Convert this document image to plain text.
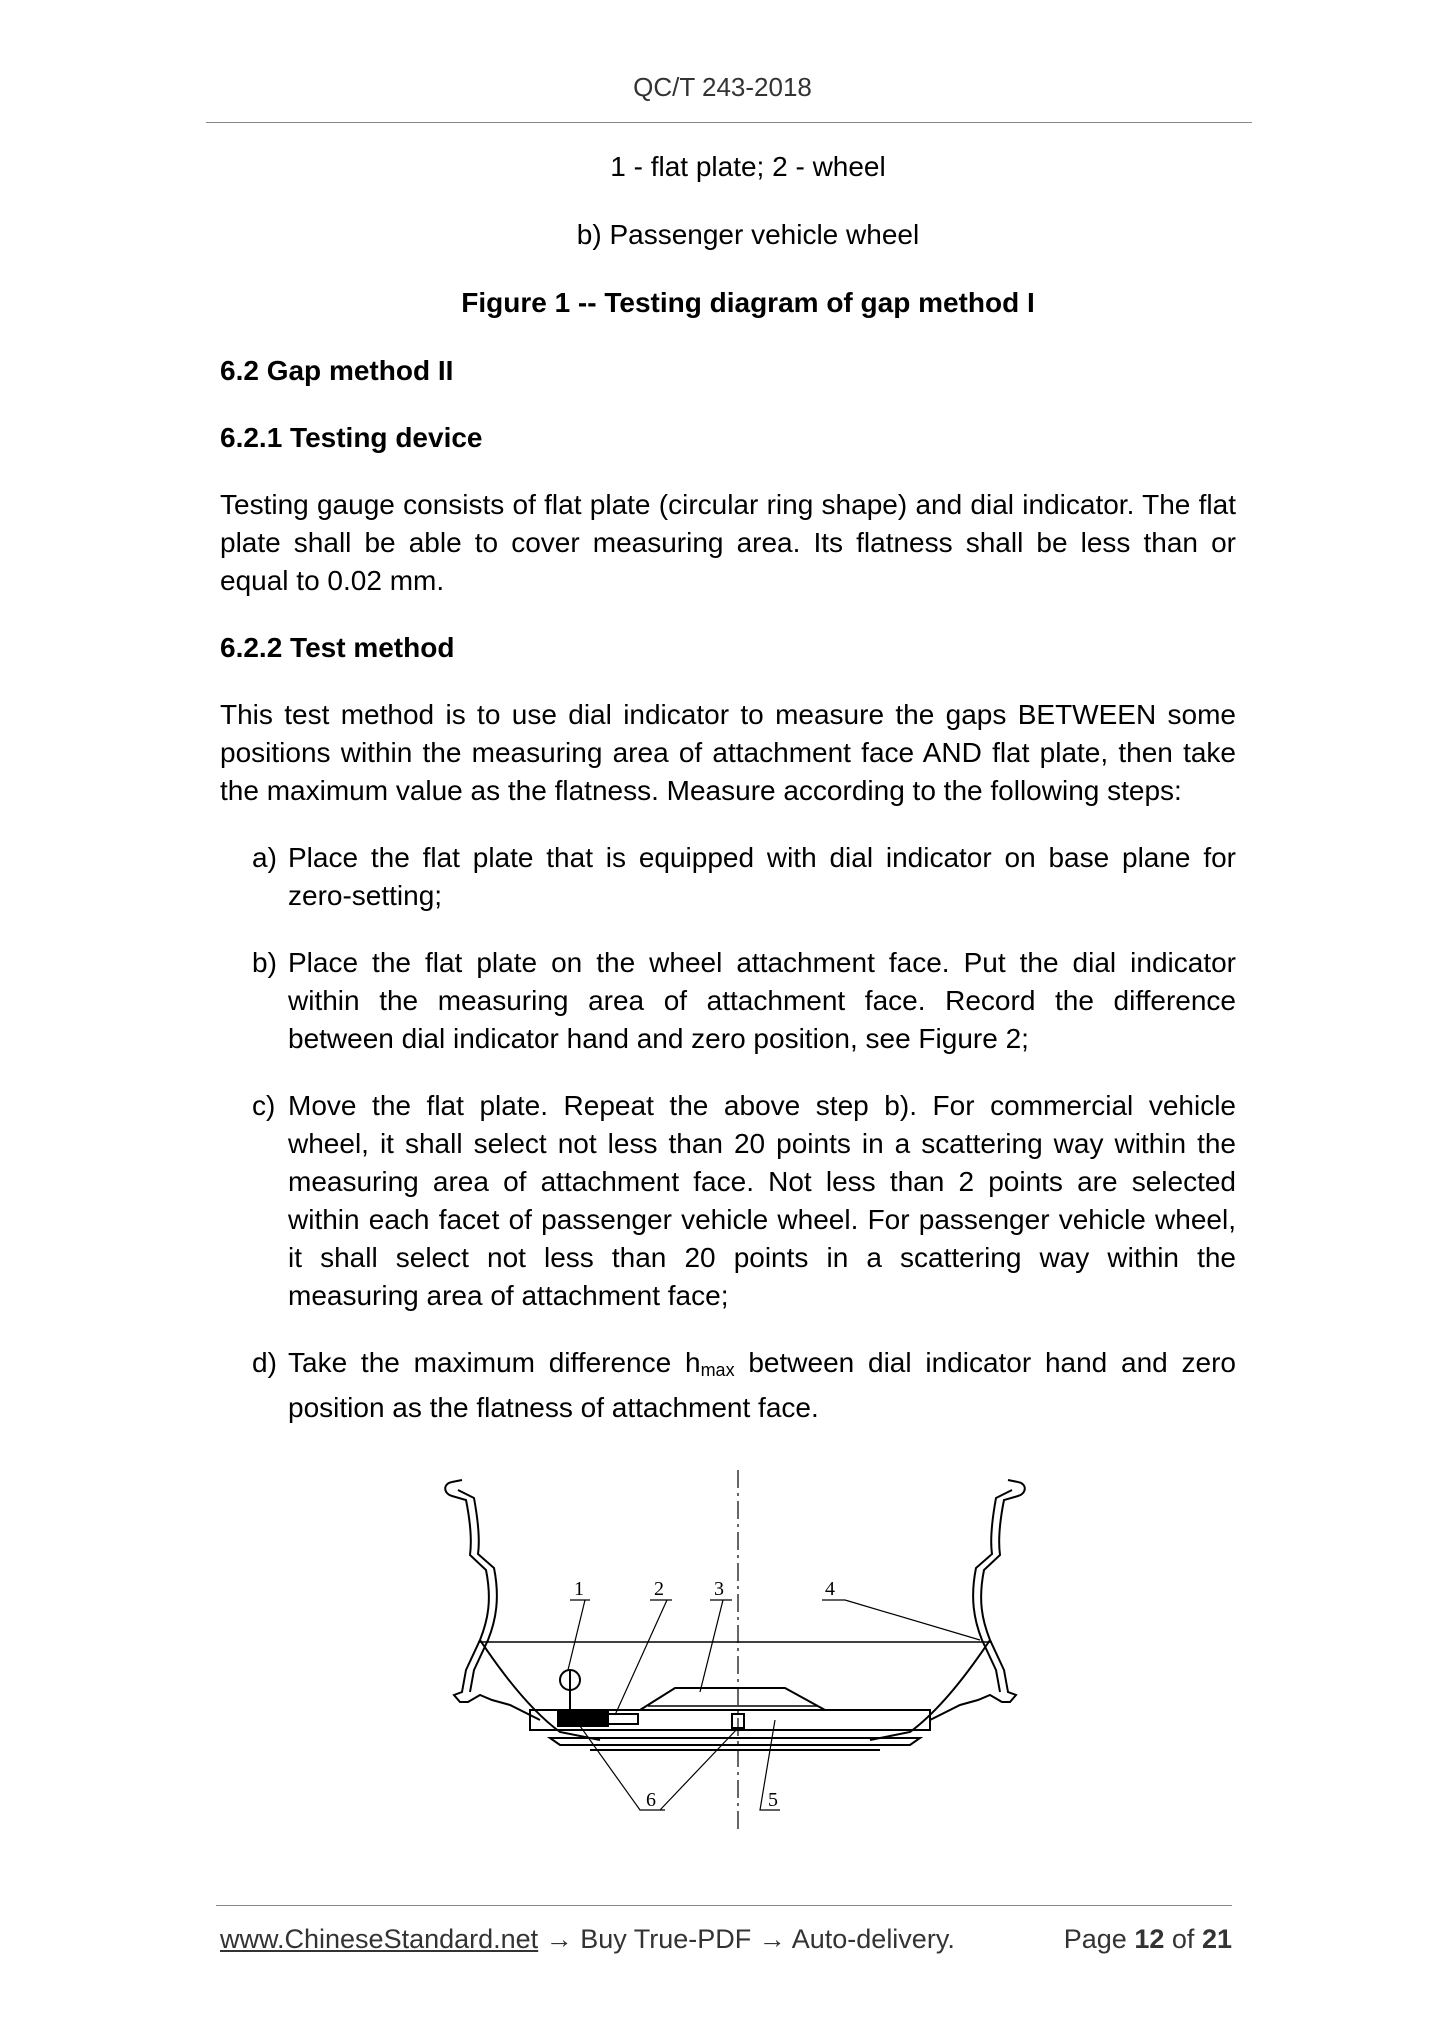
QC/T 243-2018

1 - flat plate; 2 - wheel

b) Passenger vehicle wheel

Figure 1 -- Testing diagram of gap method I

6.2 Gap method II

6.2.1 Testing device

Testing gauge consists of flat plate (circular ring shape) and dial indicator. The flat plate shall be able to cover measuring area. Its flatness shall be less than or equal to 0.02 mm.

6.2.2 Test method

This test method is to use dial indicator to measure the gaps BETWEEN some positions within the measuring area of attachment face AND flat plate, then take the maximum value as the flatness. Measure according to the following steps:

a) Place the flat plate that is equipped with dial indicator on base plane for zero-setting;
b) Place the flat plate on the wheel attachment face. Put the dial indicator within the measuring area of attachment face. Record the difference between dial indicator hand and zero position, see Figure 2;
c) Move the flat plate. Repeat the above step b). For commercial vehicle wheel, it shall select not less than 20 points in a scattering way within the measuring area of attachment face. Not less than 2 points are selected within each facet of passenger vehicle wheel. For passenger vehicle wheel, it shall select not less than 20 points in a scattering way within the measuring area of attachment face;
d) Take the maximum difference $h_{max}$ between dial indicator hand and zero position as the flatness of attachment face.
1	2	3	4
5
6
www.ChineseStandard.net → Buy True-PDF → Auto-delivery.	Page 12 of 21
